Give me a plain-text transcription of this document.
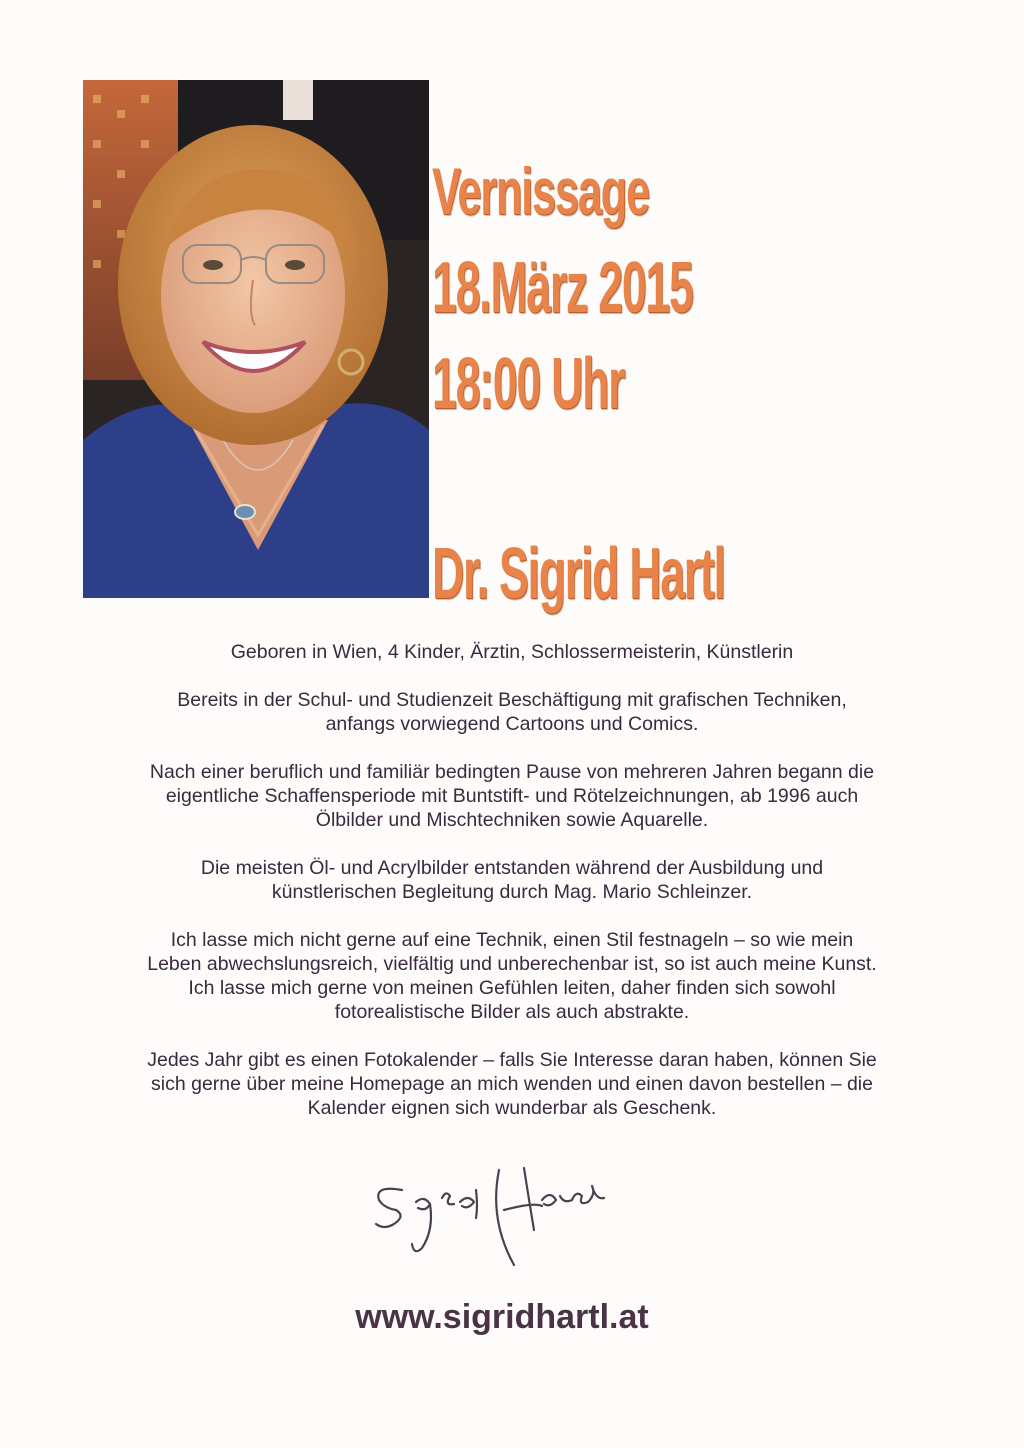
Vernissage
18.März 2015
18:00 Uhr
Dr. Sigrid Hartl

Geboren in Wien, 4 Kinder, Ärztin, Schlossermeisterin, Künstlerin

Bereits in der Schul- und Studienzeit Beschäftigung mit grafischen Techniken,
anfangs vorwiegend Cartoons und Comics.

Nach einer beruflich und familiär bedingten Pause von mehreren Jahren begann die
eigentliche Schaffensperiode mit Buntstift- und Rötelzeichnungen, ab 1996 auch
Ölbilder und Mischtechniken sowie Aquarelle.

Die meisten Öl- und Acrylbilder entstanden während der Ausbildung und
künstlerischen Begleitung durch Mag. Mario Schleinzer.

Ich lasse mich nicht gerne auf eine Technik, einen Stil festnageln – so wie mein
Leben abwechslungsreich, vielfältig und unberechenbar ist, so ist auch meine Kunst.
Ich lasse mich gerne von meinen Gefühlen leiten, daher finden sich sowohl
fotorealistische Bilder als auch abstrakte.

Jedes Jahr gibt es einen Fotokalender – falls Sie Interesse daran haben, können Sie
sich gerne über meine Homepage an mich wenden und einen davon bestellen – die
Kalender eignen sich wunderbar als Geschenk.

www.sigridhartl.at
